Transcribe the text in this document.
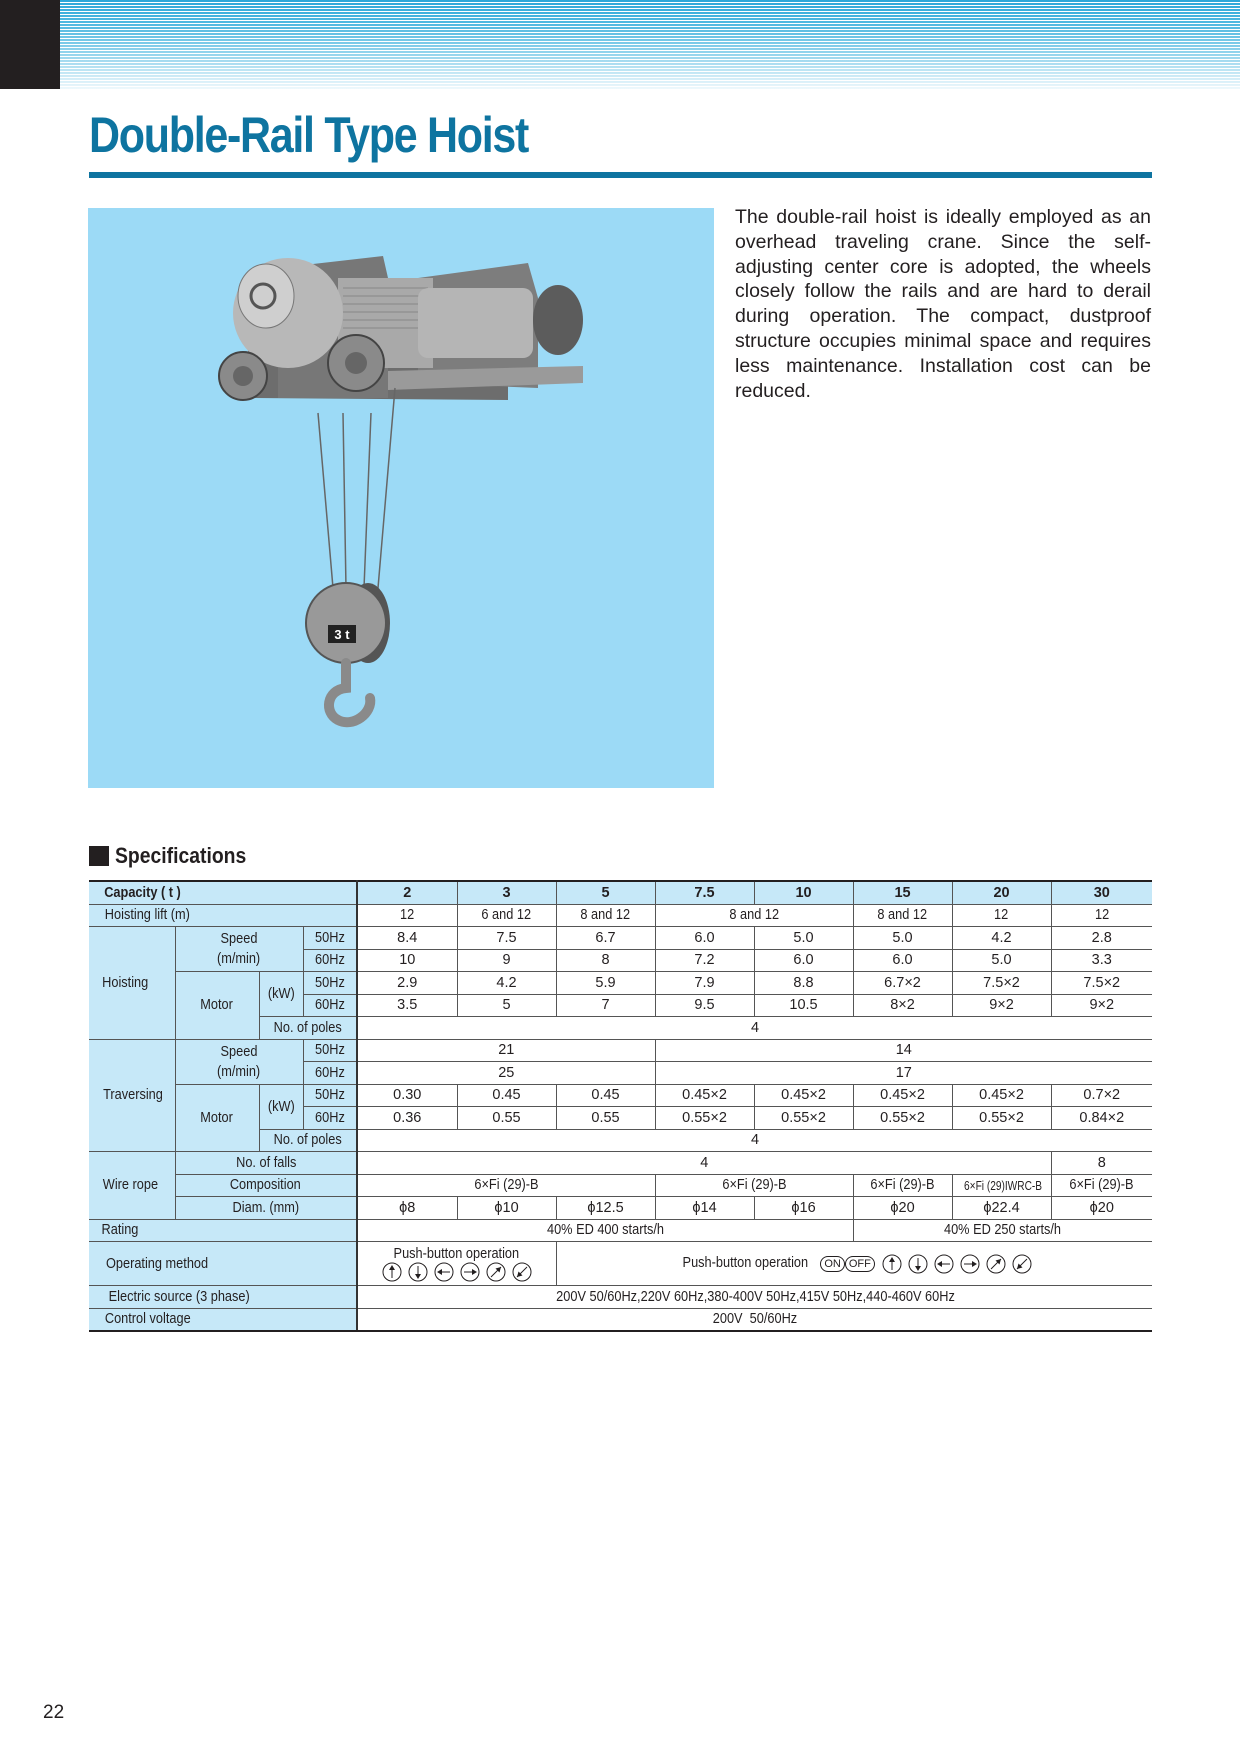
Double-Rail Type Hoist
3 t

The double-rail hoist is ideally employed as an overhead traveling crane. Since the self-adjusting center core is adopted, the wheels closely follow the rails and are hard to derail during operation. The compact, dustproof structure occupies minimal space and requires less maintenance. Installation cost can be reduced.

Specifications
Capacity ( t )				2	3	5	7.5	10	15	20	30
Hoisting lift (m)				12	6 and 12	8 and 12	8 and 12		8 and 12	12	12
Hoisting	Speed
(m/min)		50Hz	8.4	7.5	6.7	6.0	5.0	5.0	4.2	2.8
			60Hz	10	9	8	7.2	6.0	6.0	5.0	3.3
	Motor	(kW)	50Hz	2.9	4.2	5.9	7.9	8.8	6.7×2	7.5×2	7.5×2
			60Hz	3.5	5	7	9.5	10.5	8×2	9×2	9×2
		No. of poles		4							
Traversing	Speed
(m/min)		50Hz	21			14				
			60Hz	25			17				
	Motor	(kW)	50Hz	0.30	0.45	0.45	0.45×2	0.45×2	0.45×2	0.45×2	0.7×2
			60Hz	0.36	0.55	0.55	0.55×2	0.55×2	0.55×2	0.55×2	0.84×2
		No. of poles		4							
Wire rope	No. of falls			4							8
	Composition			6×Fi (29)-B			6×Fi (29)-B		6×Fi (29)-B	6×Fi (29)IWRC-B	6×Fi (29)-B
	Diam. (mm)			ϕ8	ϕ10	ϕ12.5	ϕ14	ϕ16	ϕ20	ϕ22.4	ϕ20
Rating				40% ED 400 starts/h					40% ED 250 starts/h		
Operating method				Push-button operation		Push-button operation ON OFF					
Electric source (3 phase)				200V 50/60Hz,220V 60Hz,380-400V 50Hz,415V 50Hz,440-460V 60Hz							
Control voltage				200V  50/60Hz							
22
